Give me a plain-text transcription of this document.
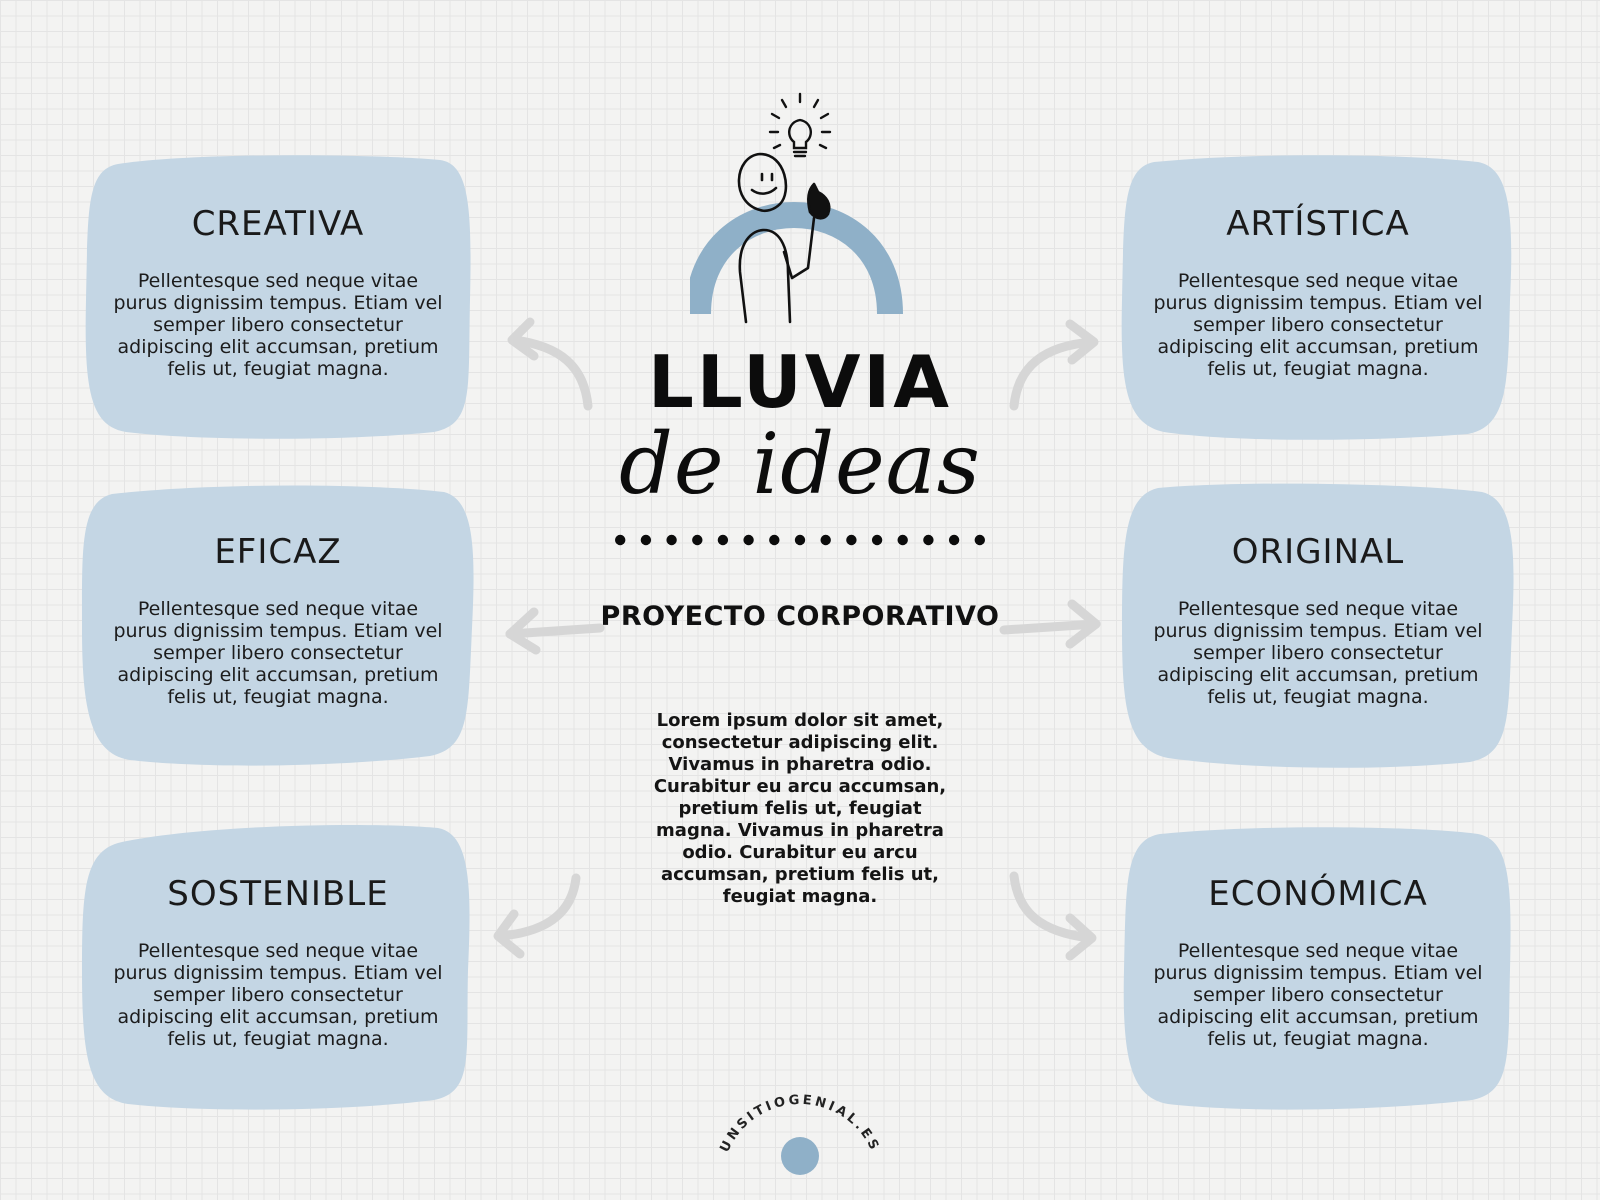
LLUVIA
de ideas
PROYECTO CORPORATIVO
Lorem ipsum dolor sit amet, consectetur adipiscing elit. Vivamus in pharetra odio. Curabitur eu arcu accumsan, pretium felis ut, feugiat magna. Vivamus in pharetra odio. Curabitur eu arcu accumsan, pretium felis ut, feugiat magna.
CREATIVA
Pellentesque sed neque vitae purus dignissim tempus. Etiam vel semper libero consectetur adipiscing elit accumsan, pretium felis ut, feugiat magna.
EFICAZ
Pellentesque sed neque vitae purus dignissim tempus. Etiam vel semper libero consectetur adipiscing elit accumsan, pretium felis ut, feugiat magna.
SOSTENIBLE
Pellentesque sed neque vitae purus dignissim tempus. Etiam vel semper libero consectetur adipiscing elit accumsan, pretium felis ut, feugiat magna.
ARTÍSTICA
Pellentesque sed neque vitae purus dignissim tempus. Etiam vel semper libero consectetur adipiscing elit accumsan, pretium felis ut, feugiat magna.
ORIGINAL
Pellentesque sed neque vitae purus dignissim tempus. Etiam vel semper libero consectetur adipiscing elit accumsan, pretium felis ut, feugiat magna.
ECONÓMICA
Pellentesque sed neque vitae purus dignissim tempus. Etiam vel semper libero consectetur adipiscing elit accumsan, pretium felis ut, feugiat magna.
UNSITIOGENIAL.ES
